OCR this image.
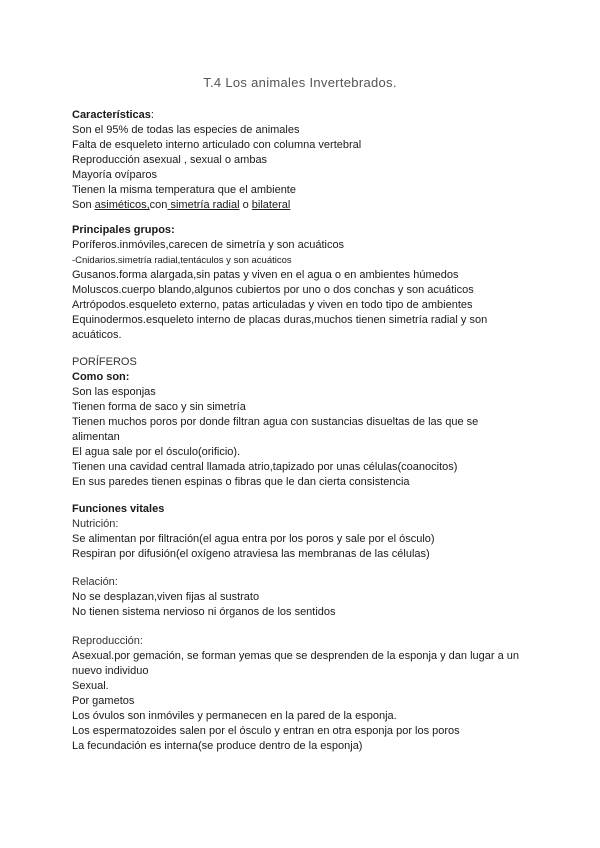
T.4 Los animales Invertebrados.
Características:
Son el 95% de todas las especies de animales
Falta de esqueleto interno articulado con columna vertebral
Reproducción asexual , sexual o ambas
Mayoría ovíparos
Tienen la misma temperatura que el ambiente
Son asiméticos,con simetría radial o bilateral
Principales grupos:
Poríferos.inmóviles,carecen de simetría y son acuáticos
-Cnidarios.simetría radial,tentáculos y son acuáticos
Gusanos.forma alargada,sin patas y viven en el agua o en ambientes húmedos
Moluscos.cuerpo blando,algunos cubiertos por uno o dos conchas y son acuáticos
Artrópodos.esqueleto externo, patas articuladas y viven en todo tipo de ambientes
Equinodermos.esqueleto interno de placas duras,muchos tienen simetría radial y son
acuáticos.
PORÍFEROS
Como son:
Son las esponjas
Tienen forma de saco y sin simetría
Tienen muchos poros por donde filtran agua con sustancias disueltas de las que se
alimentan
El agua sale por el ósculo(orificio).
Tienen una cavidad central llamada atrio,tapizado por unas células(coanocitos)
En sus paredes tienen espinas o fibras que le dan cierta consistencia
Funciones vitales
Nutrición:
Se alimentan por filtración(el agua entra por los poros y sale por el ósculo)
Respiran por difusión(el oxígeno atraviesa las membranas de las células)
Relación:
No se desplazan,viven fijas al sustrato
No tienen sistema nervioso ni órganos de los sentidos
Reproducción:
Asexual.por gemación, se forman yemas que se desprenden de la esponja y dan lugar a un
nuevo individuo
Sexual.
Por gametos
Los óvulos son inmóviles y permanecen en la pared de la esponja.
Los espermatozoides salen por el ósculo y entran en otra esponja por los poros
La fecundación es interna(se produce dentro de la esponja)
